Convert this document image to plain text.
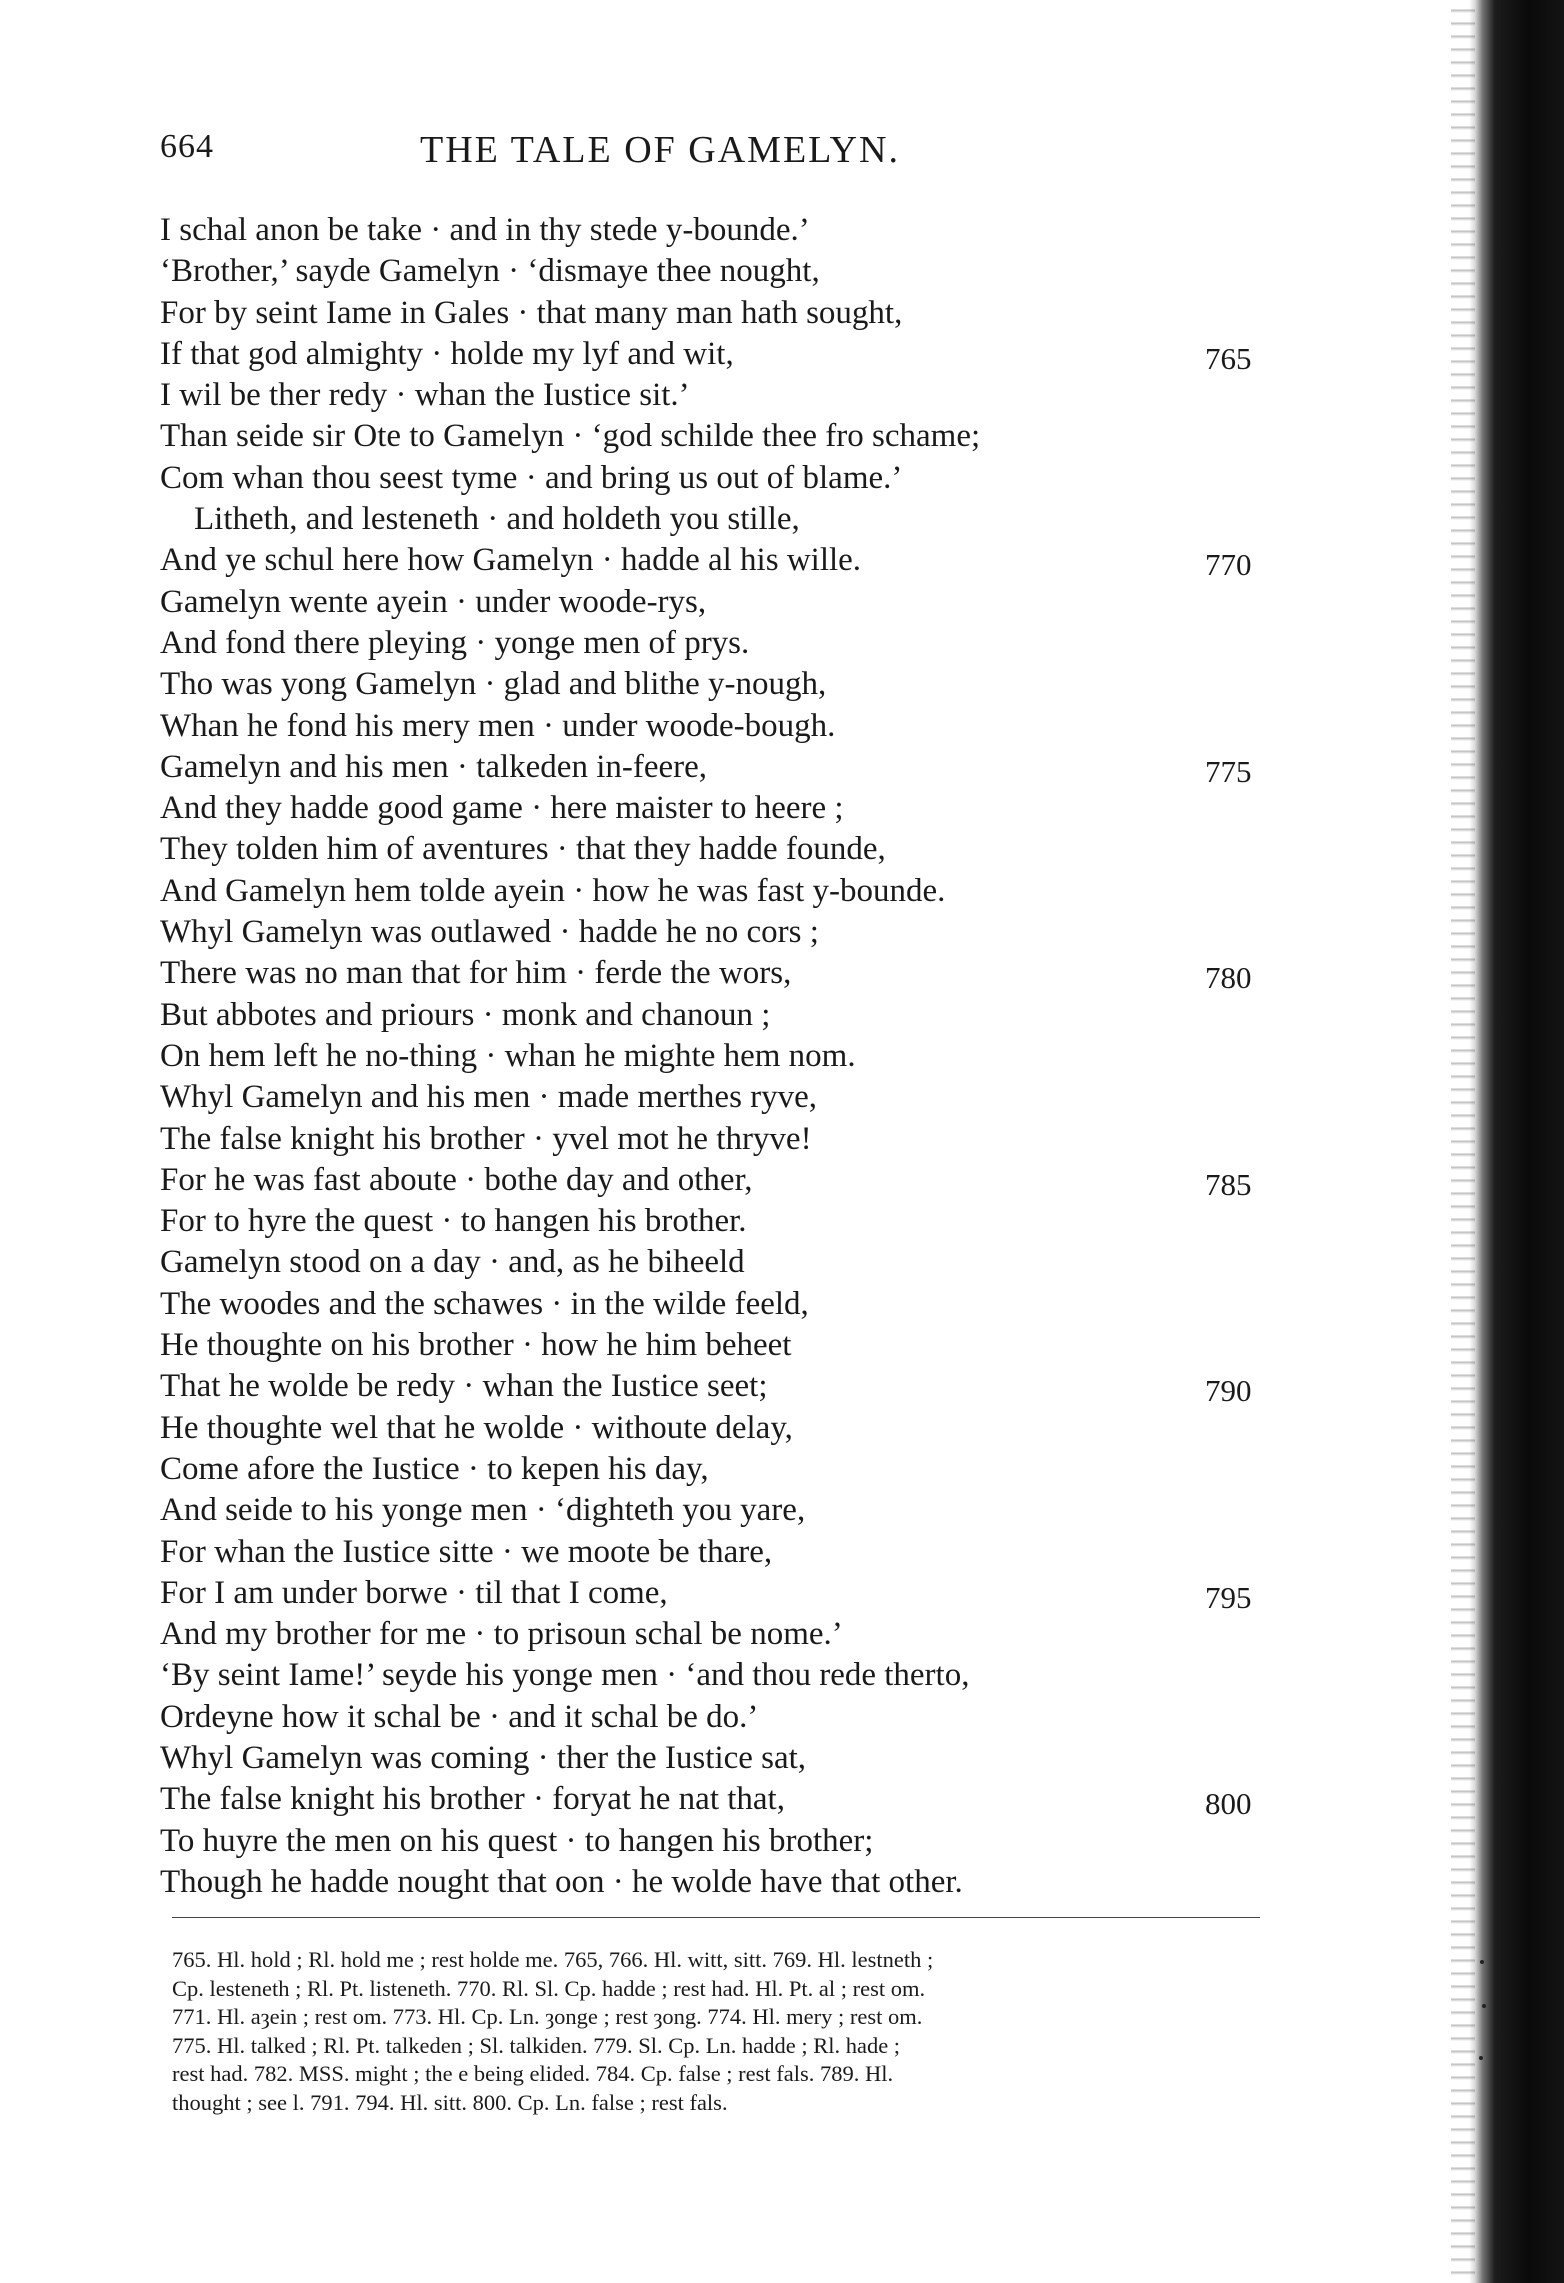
664	THE TALE OF GAMELYN.
I schal anon be take · and in thy stede y-bounde.’
‘Brother,’ sayde Gamelyn · ‘dismaye thee nought,
For by seint Iame in Gales · that many man hath sought,
If that god almighty · holde my lyf and wit,	765
I wil be ther redy · whan the Iustice sit.’
Than seide sir Ote to Gamelyn · ‘god schilde thee fro schame;
Com whan thou seest tyme · and bring us out of blame.’
Litheth, and lesteneth · and holdeth you stille,
And ye schul here how Gamelyn · hadde al his wille.	770
Gamelyn wente ayein · under woode-rys,
And fond there pleying · yonge men of prys.
Tho was yong Gamelyn · glad and blithe y-nough,
Whan he fond his mery men · under woode-bough.
Gamelyn and his men · talkeden in-feere,	775
And they hadde good game · here maister to heere ;
They tolden him of aventures · that they hadde founde,
And Gamelyn hem tolde ayein · how he was fast y-bounde.
Whyl Gamelyn was outlawed · hadde he no cors ;
There was no man that for him · ferde the wors,	780
But abbotes and priours · monk and chanoun ;
On hem left he no-thing · whan he mighte hem nom.
Whyl Gamelyn and his men · made merthes ryve,
The false knight his brother · yvel mot he thryve!
For he was fast aboute · bothe day and other,	785
For to hyre the quest · to hangen his brother.
Gamelyn stood on a day · and, as he biheeld
The woodes and the schawes · in the wilde feeld,
He thoughte on his brother · how he him beheet
That he wolde be redy · whan the Iustice seet;	790
He thoughte wel that he wolde · withoute delay,
Come afore the Iustice · to kepen his day,
And seide to his yonge men · ‘dighteth you yare,
For whan the Iustice sitte · we moote be thare,
For I am under borwe · til that I come,	795
And my brother for me · to prisoun schal be nome.’
‘By seint Iame!’ seyde his yonge men · ‘and thou rede therto,
Ordeyne how it schal be · and it schal be do.’
Whyl Gamelyn was coming · ther the Iustice sat,
The false knight his brother · foryat he nat that,	800
To huyre the men on his quest · to hangen his brother;
Though he hadde nought that oon · he wolde have that other.
765. Hl. hold ; Rl. hold me ; rest holde me. 765, 766. Hl. witt, sitt. 769. Hl. lestneth ;
Cp. lesteneth ; Rl. Pt. listeneth. 770. Rl. Sl. Cp. hadde ; rest had. Hl. Pt. al ; rest om.
771. Hl. aȝein ; rest om. 773. Hl. Cp. Ln. ȝonge ; rest ȝong. 774. Hl. mery ; rest om.
775. Hl. talked ; Rl. Pt. talkeden ; Sl. talkiden. 779. Sl. Cp. Ln. hadde ; Rl. hade ;
rest had. 782. MSS. might ; the e being elided. 784. Cp. false ; rest fals. 789. Hl.
thought ; see l. 791. 794. Hl. sitt. 800. Cp. Ln. false ; rest fals.
